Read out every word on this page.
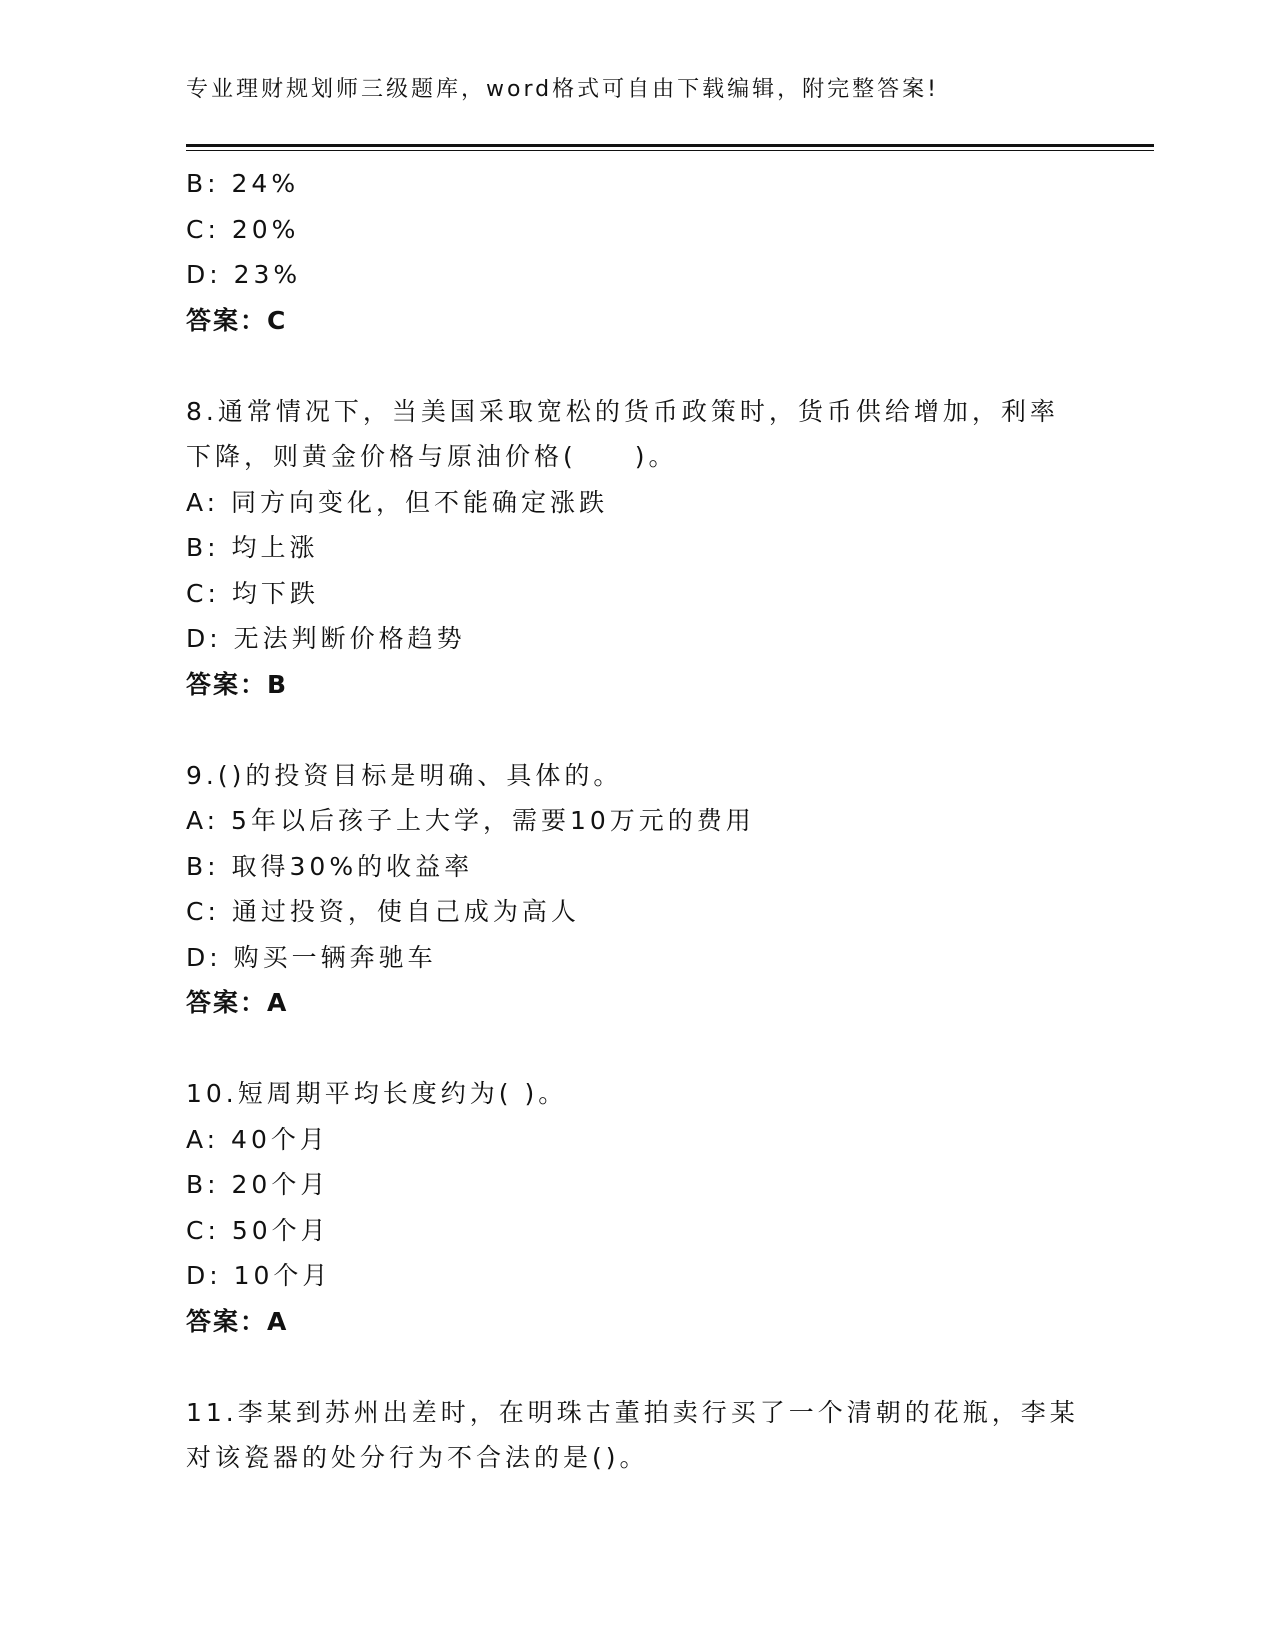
专业理财规划师三级题库，word格式可自由下载编辑，附完整答案!
B: 24%
C: 20%
D: 23%
答案：C
8.通常情况下，当美国采取宽松的货币政策时，货币供给增加，利率
下降，则黄金价格与原油价格(　　)。
A: 同方向变化，但不能确定涨跌
B: 均上涨
C: 均下跌
D: 无法判断价格趋势
答案：B
9.()的投资目标是明确、具体的。
A: 5年以后孩子上大学，需要10万元的费用
B: 取得30%的收益率
C: 通过投资，使自己成为高人
D: 购买一辆奔驰车
答案：A
10.短周期平均长度约为( )。
A: 40个月
B: 20个月
C: 50个月
D: 10个月
答案：A
11.李某到苏州出差时，在明珠古董拍卖行买了一个清朝的花瓶，李某
对该瓷器的处分行为不合法的是()。
